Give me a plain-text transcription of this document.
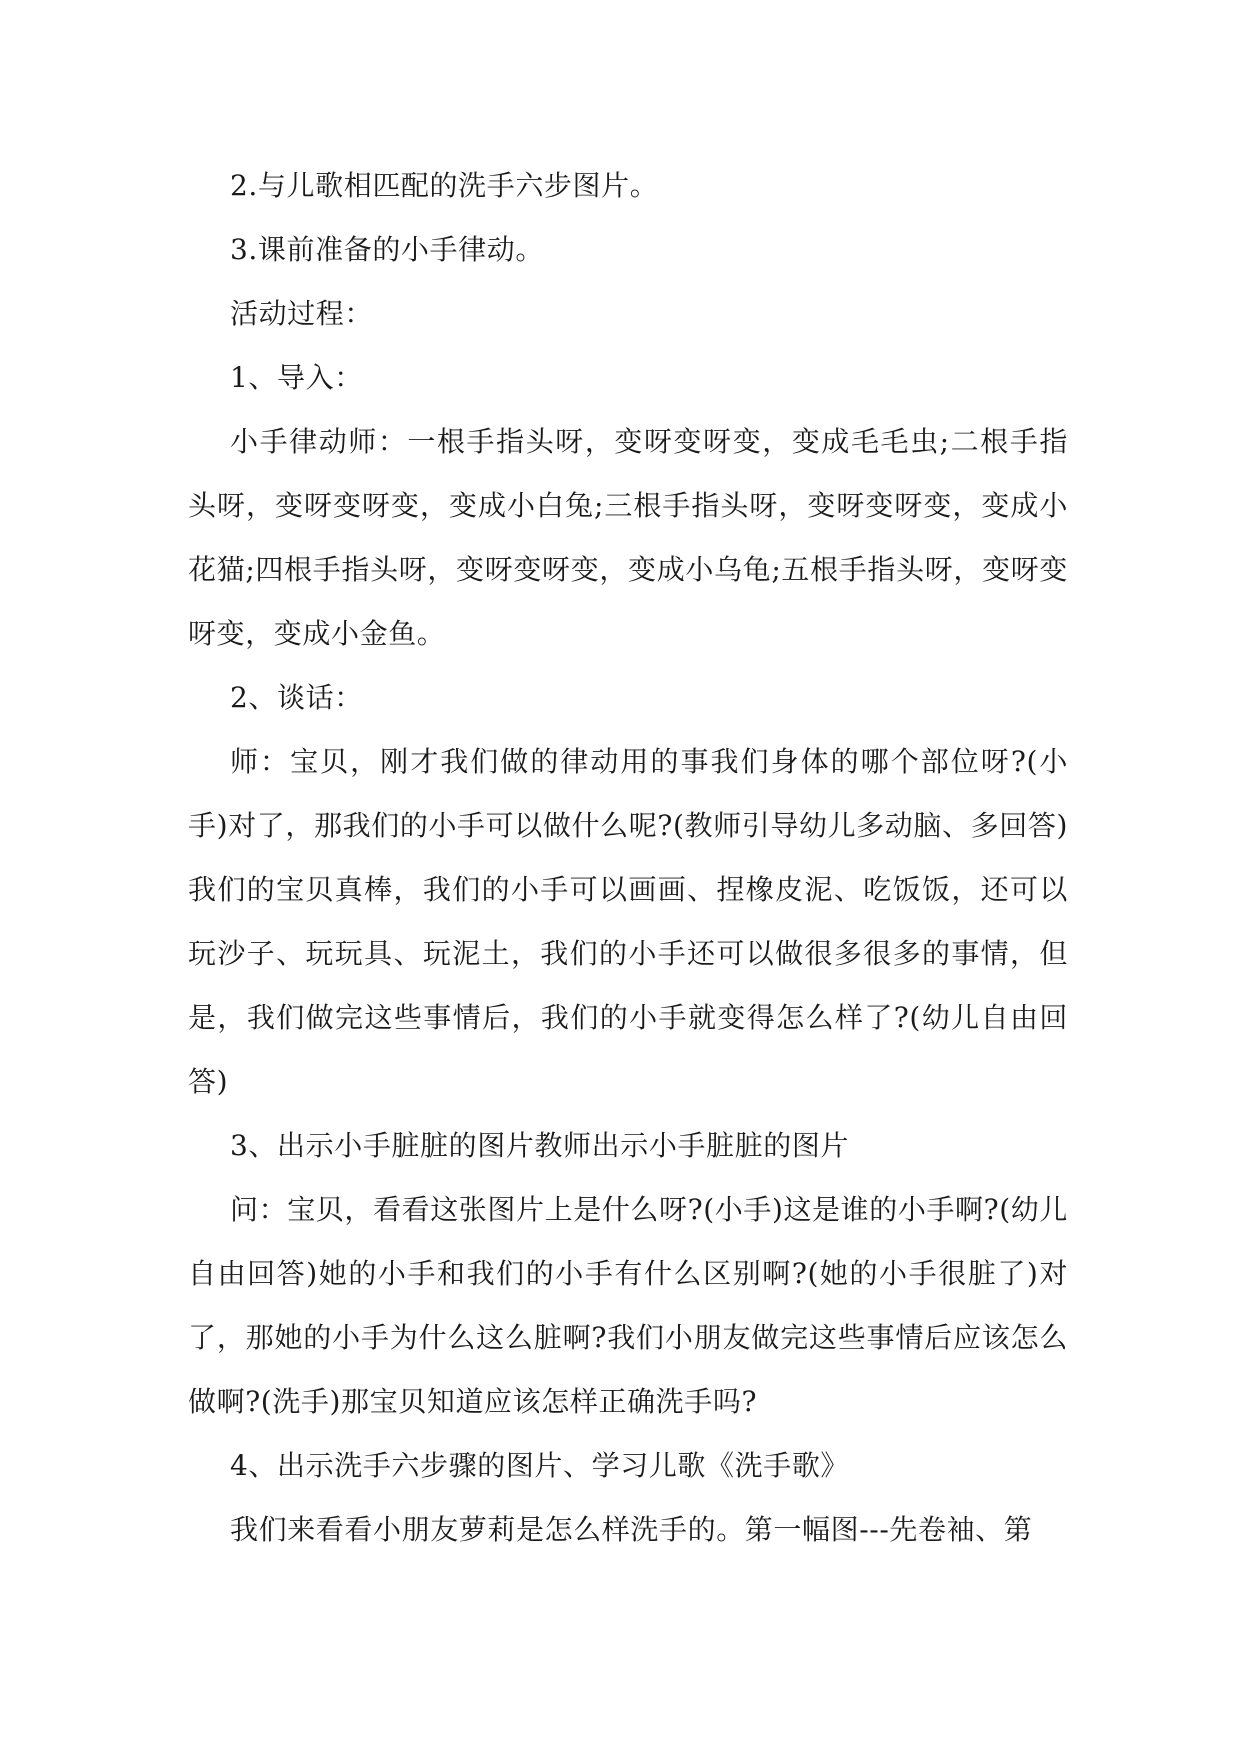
2.与儿歌相匹配的洗手六步图片。

3.课前准备的小手律动。

活动过程：

1、导入：

小手律动师：一根手指头呀，变呀变呀变，变成毛毛虫;二根手指头呀，变呀变呀变，变成小白兔;三根手指头呀，变呀变呀变，变成小花猫;四根手指头呀，变呀变呀变，变成小乌龟;五根手指头呀，变呀变呀变，变成小金鱼。

2、谈话：

师：宝贝，刚才我们做的律动用的事我们身体的哪个部位呀?(小手)对了，那我们的小手可以做什么呢?(教师引导幼儿多动脑、多回答)我们的宝贝真棒，我们的小手可以画画、捏橡皮泥、吃饭饭，还可以玩沙子、玩玩具、玩泥土，我们的小手还可以做很多很多的事情，但是，我们做完这些事情后，我们的小手就变得怎么样了?(幼儿自由回答)

3、出示小手脏脏的图片教师出示小手脏脏的图片

问：宝贝，看看这张图片上是什么呀?(小手)这是谁的小手啊?(幼儿自由回答)她的小手和我们的小手有什么区别啊?(她的小手很脏了)对了，那她的小手为什么这么脏啊?我们小朋友做完这些事情后应该怎么做啊?(洗手)那宝贝知道应该怎样正确洗手吗?

4、出示洗手六步骤的图片、学习儿歌《洗手歌》

我们来看看小朋友萝莉是怎么样洗手的。第一幅图---先卷袖、第
